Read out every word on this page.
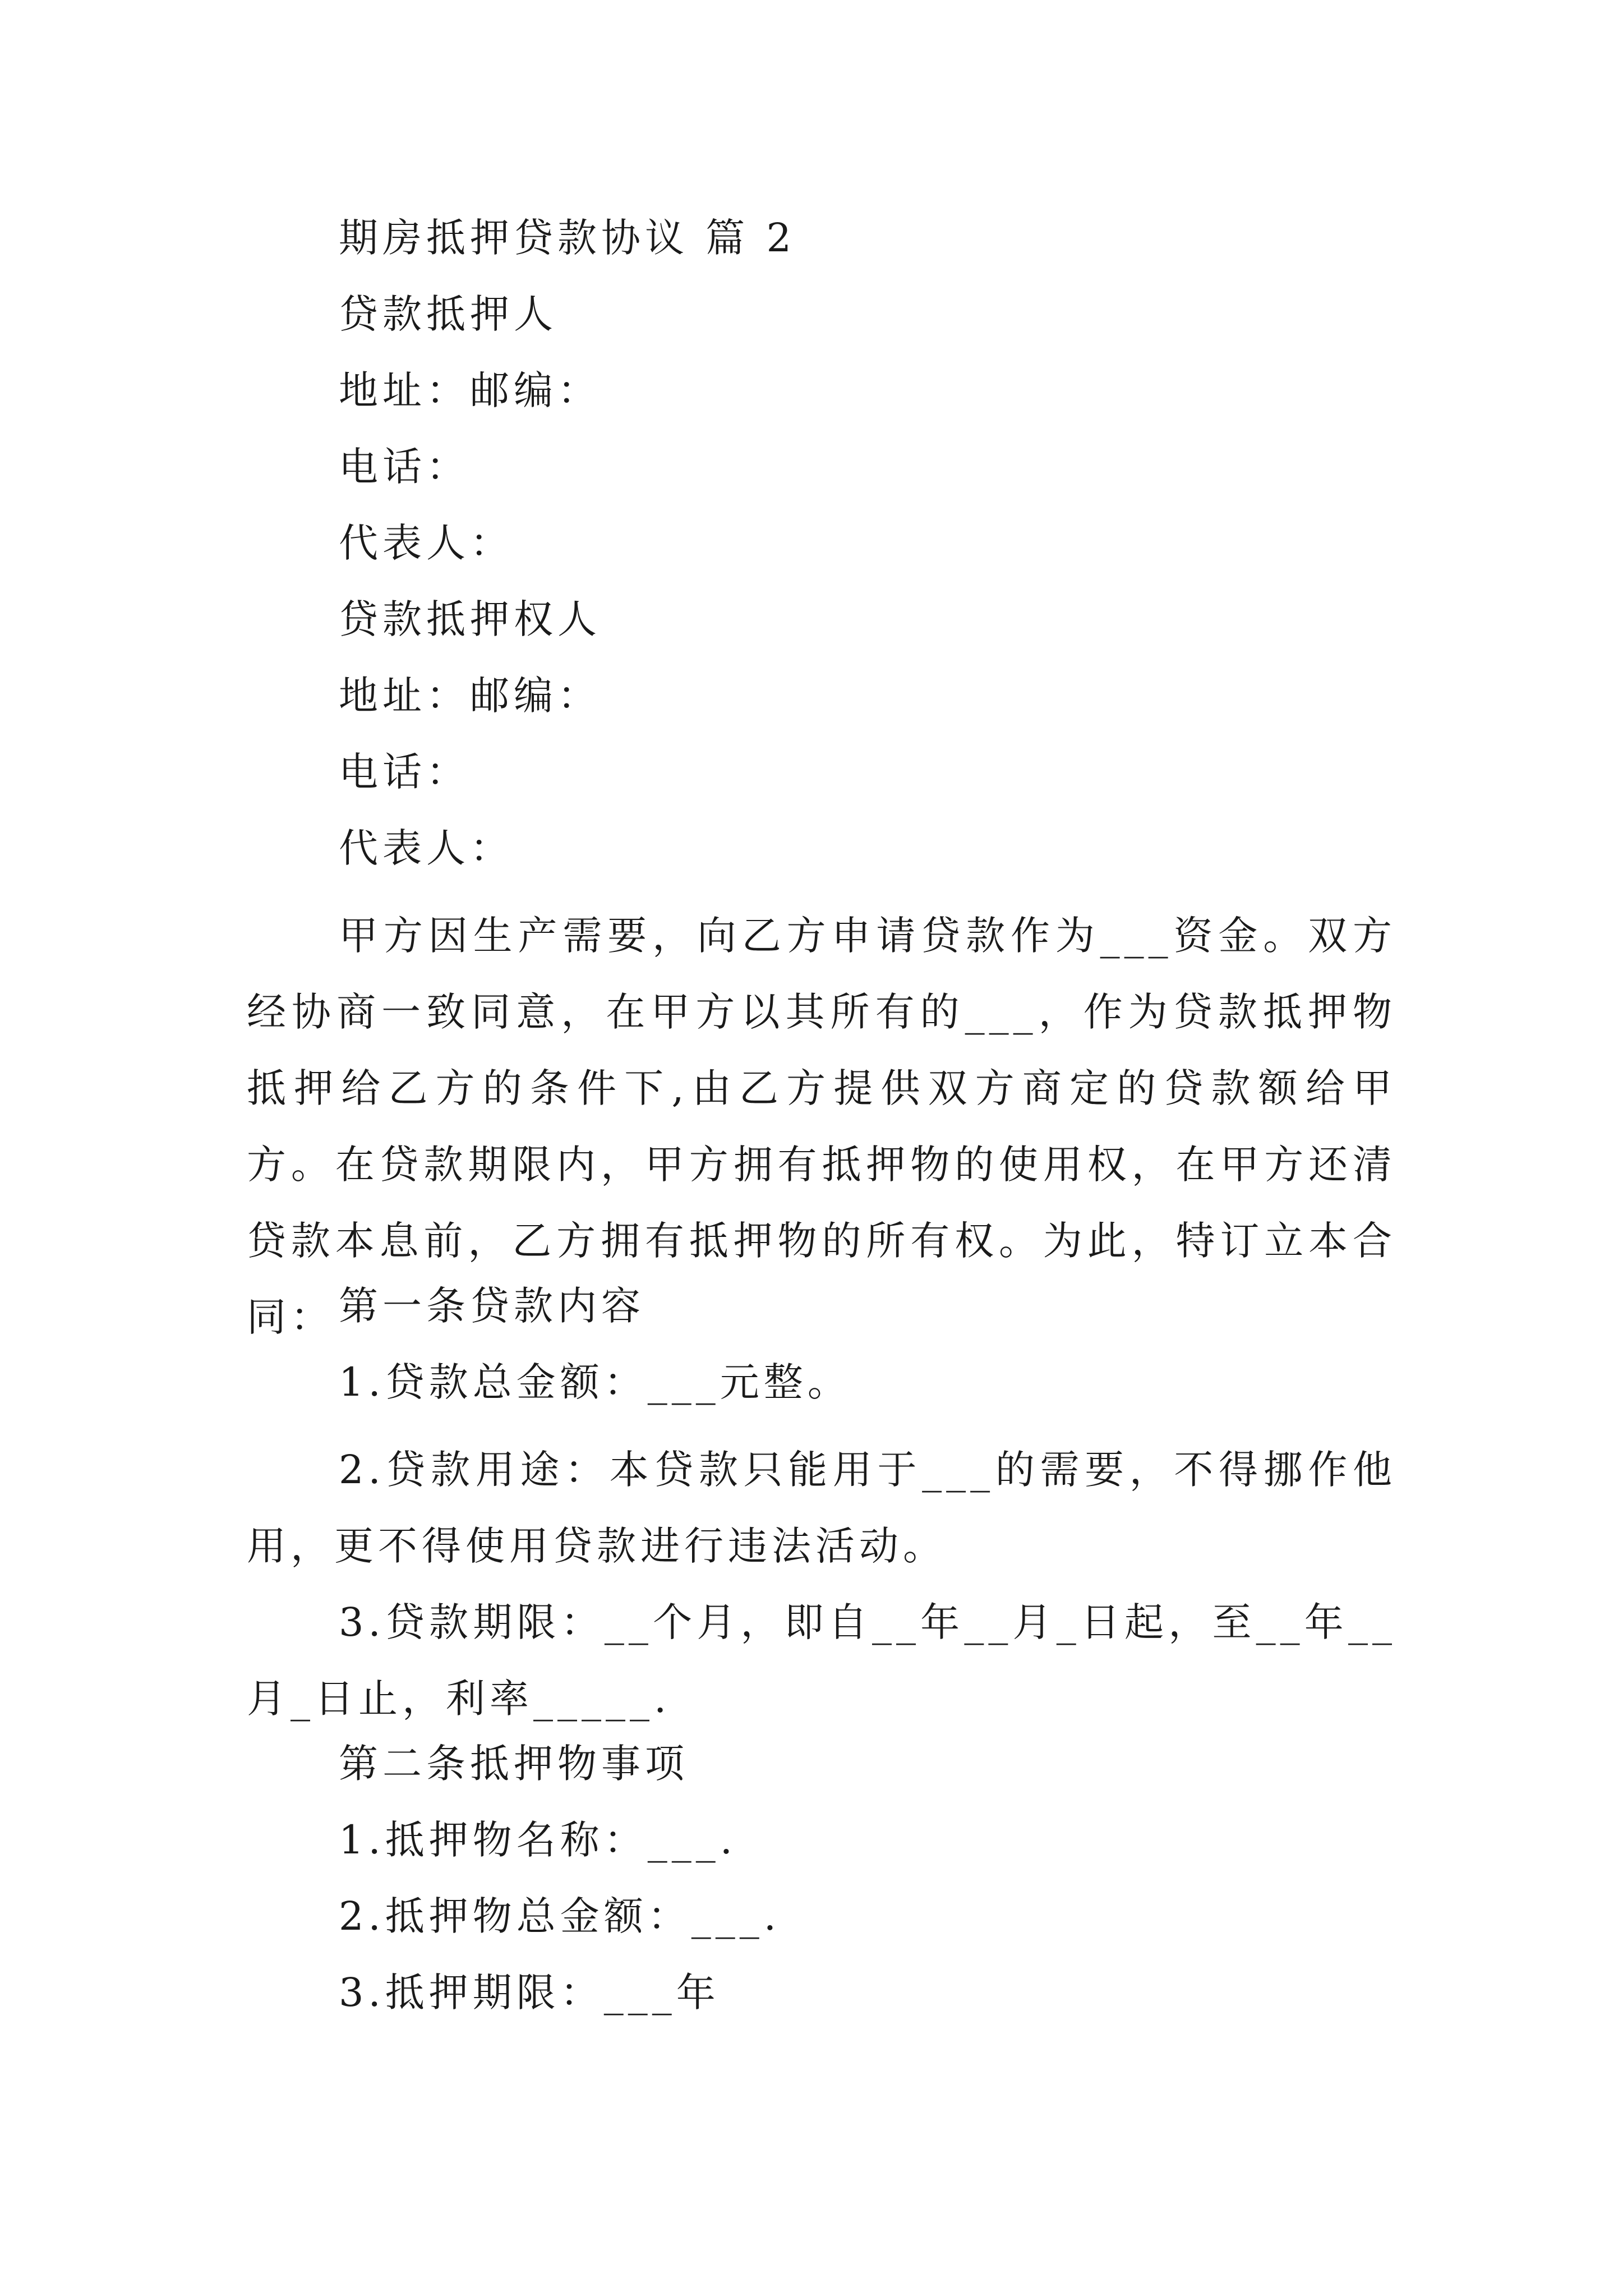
期房抵押贷款协议 篇 2
贷款抵押人
地址：邮编：
电话：
代表人：
贷款抵押权人
地址：邮编：
电话：
代表人：
甲方因生产需要，向乙方申请贷款作为___资金。双方经协商一致同意，在甲方以其所有的___，作为贷款抵押物抵押给乙方的条件下,由乙方提供双方商定的贷款额给甲方。在贷款期限内，甲方拥有抵押物的使用权，在甲方还清贷款本息前，乙方拥有抵押物的所有权。为此，特订立本合同： 第一条贷款内容
1.贷款总金额：___元整。
2.贷款用途：本贷款只能用于___的需要，不得挪作他用，更不得使用贷款进行违法活动。
3.贷款期限：__个月，即自__年__月_日起，至__年__月_日止，利率_____.
第二条抵押物事项
1.抵押物名称：___.
2.抵押物总金额：___.
3.抵押期限：___年
